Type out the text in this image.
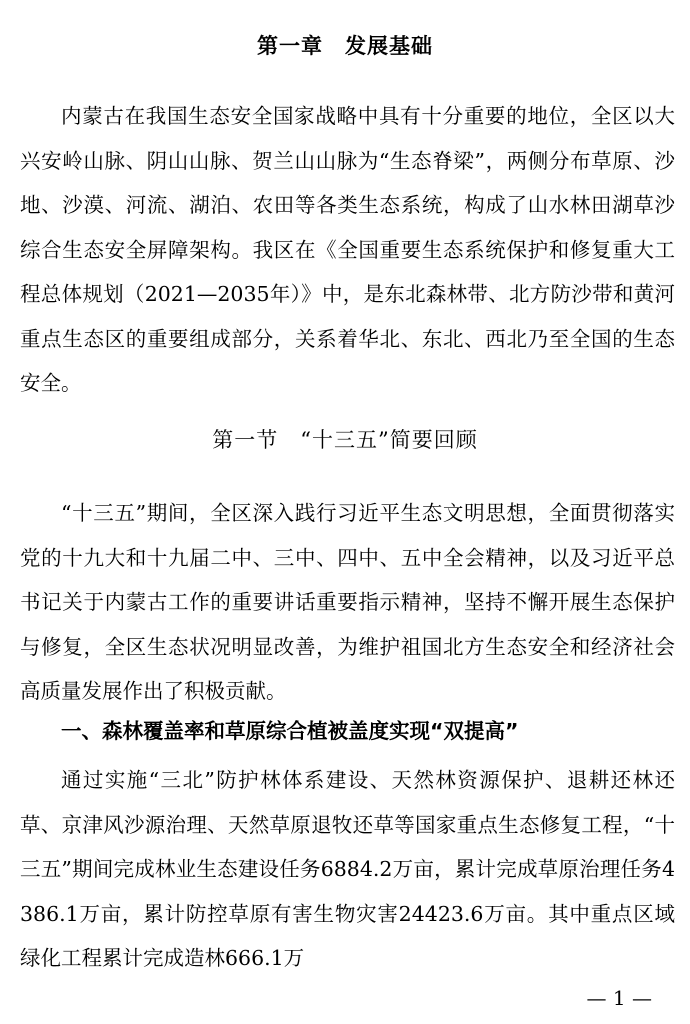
第一章　发展基础

内蒙古在我国生态安全国家战略中具有十分重要的地位，全区以大兴安岭山脉、阴山山脉、贺兰山山脉为“生态脊梁”，两侧分布草原、沙地、沙漠、河流、湖泊、农田等各类生态系统，构成了山水林田湖草沙综合生态安全屏障架构。我区在《全国重要生态系统保护和修复重大工程总体规划（2021—2035年）》中，是东北森林带、北方防沙带和黄河重点生态区的重要组成部分，关系着华北、东北、西北乃至全国的生态安全。

第一节　“十三五”简要回顾

“十三五”期间，全区深入践行习近平生态文明思想，全面贯彻落实党的十九大和十九届二中、三中、四中、五中全会精神，以及习近平总书记关于内蒙古工作的重要讲话重要指示精神，坚持不懈开展生态保护与修复，全区生态状况明显改善，为维护祖国北方生态安全和经济社会高质量发展作出了积极贡献。

一、森林覆盖率和草原综合植被盖度实现“双提高”

通过实施“三北”防护林体系建设、天然林资源保护、退耕还林还草、京津风沙源治理、天然草原退牧还草等国家重点生态修复工程，“十三五”期间完成林业生态建设任务6884.2万亩，累计完成草原治理任务4386.1万亩，累计防控草原有害生物灾害24423.6万亩。其中重点区域绿化工程累计完成造林666.1万

— 1 —
